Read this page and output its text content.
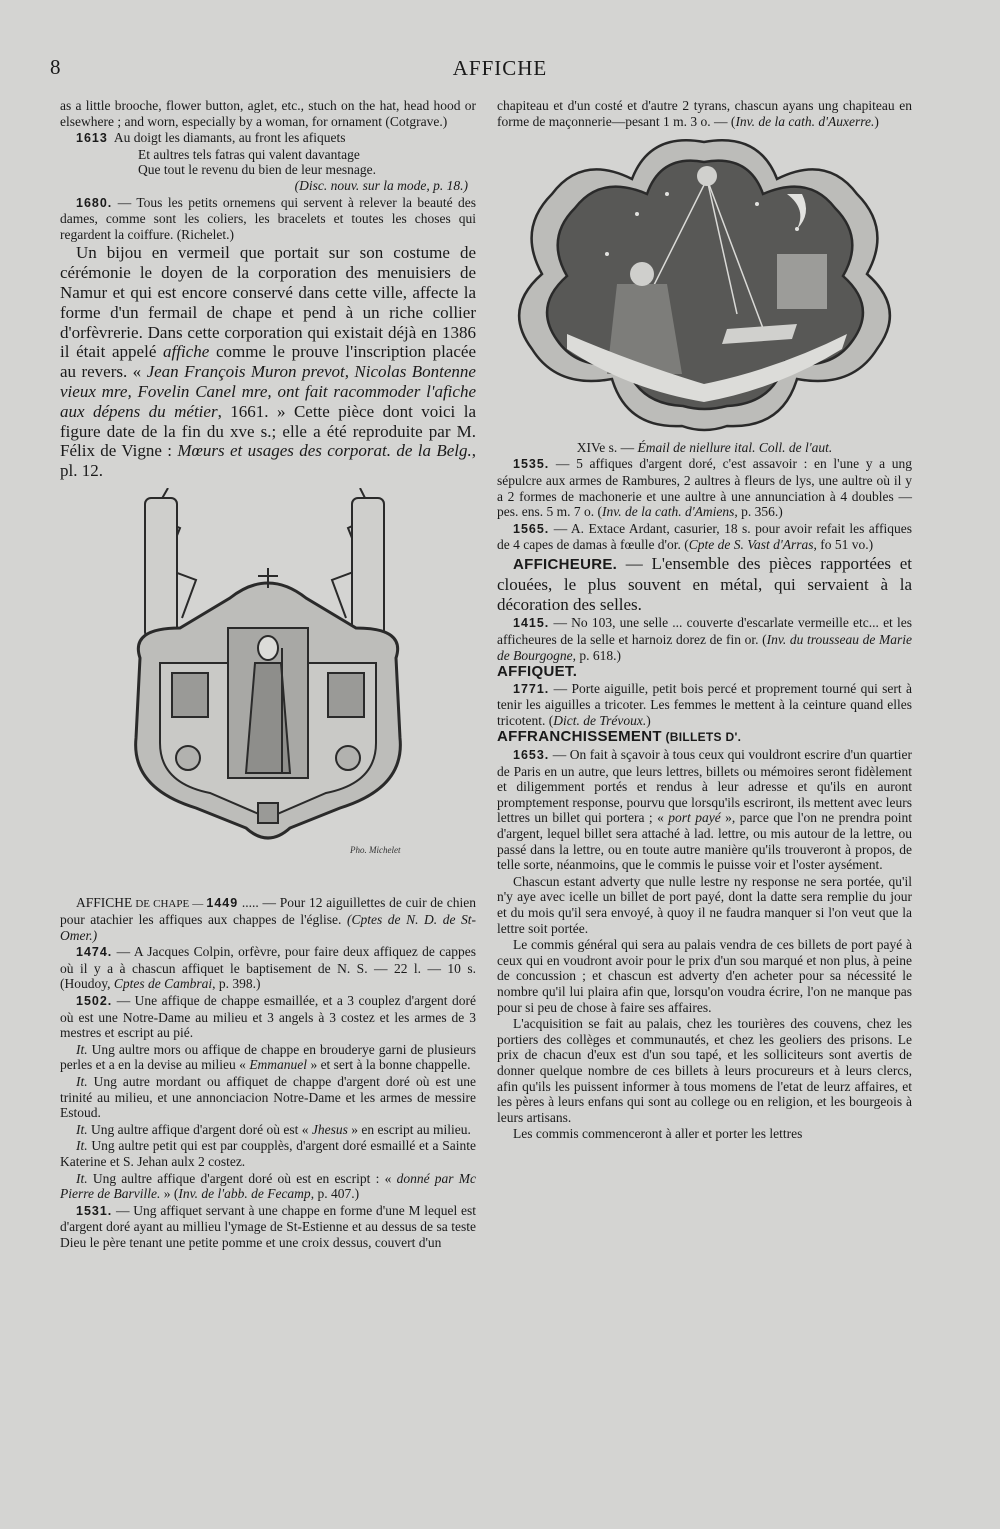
8	AFFICHE

as a little brooche, flower button, aglet, etc., stuch on the hat, head hood or elsewhere ; and worn, especially by a woman, for ornament (Cotgrave.)

1613 Au doigt les diamants, au front les afiquets
Et aultres tels fatras qui valent davantage
Que tout le revenu du bien de leur mesnage.
(Disc. nouv. sur la mode, p. 18.)

1680. — Tous les petits ornemens qui servent à relever la beauté des dames, comme sont les coliers, les bracelets et toutes les choses qui regardent la coiffure. (Richelet.)

Un bijou en vermeil que portait sur son costume de cérémonie le doyen de la corporation des menuisiers de Namur et qui est encore conservé dans cette ville, affecte la forme d'un fermail de chape et pend à un riche collier d'orfèvrerie. Dans cette corporation qui existait déjà en 1386 il était appelé affiche comme le prouve l'inscription placée au revers. « Jean François Muron prevot, Nicolas Bontenne vieux mre, Fovelin Canel mre, ont fait racommoder l'afiche aux dépens du métier, 1661. » Cette pièce dont voici la figure date de la fin du xve s.; elle a été reproduite par M. Félix de Vigne : Mœurs et usages des corporat. de la Belg., pl. 12.

Pho. Michelet

AFFICHE DE CHAPE — 1449 ..... — Pour 12 aiguillettes de cuir de chien pour atachier les affiques aux chappes de l'église. (Cptes de N. D. de St-Omer.)

1474. — A Jacques Colpin, orfèvre, pour faire deux affiquez de cappes où il y a à chascun affiquet le baptisement de N. S. — 22 l. — 10 s. (Houdoy, Cptes de Cambrai, p. 398.)

1502. — Une affique de chappe esmaillée, et a 3 couplez d'argent doré où est une Notre-Dame au milieu et 3 angels à 3 costez et les armes de 3 mestres et escript au pié.

It. Ung aultre mors ou affique de chappe en brouderye garni de plusieurs perles et a en la devise au milieu « Emmanuel » et sert à la bonne chappelle.

It. Ung autre mordant ou affiquet de chappe d'argent doré où est une trinité au milieu, et une annonciacion Notre-Dame et les armes de messire Estoud.

It. Ung aultre affique d'argent doré où est « Jhesus » en escript au milieu.

It. Ung aultre petit qui est par coupplès, d'argent doré esmaillé et a Sainte Katerine et S. Jehan aulx 2 costez.

It. Ung aultre affique d'argent doré où est en escript : « donné par Mc Pierre de Barville. » (Inv. de l'abb. de Fecamp, p. 407.)

1531. — Ung affiquet servant à une chappe en forme d'une M lequel est d'argent doré ayant au millieu l'ymage de St-Estienne et au dessus de sa teste Dieu le père tenant une petite pomme et une croix dessus, couvert d'un

chapiteau et d'un costé et d'autre 2 tyrans, chascun ayans ung chapiteau en forme de maçonnerie—pesant 1 m. 3 o. — (Inv. de la cath. d'Auxerre.)

XIVe s. — Émail de niellure ital. Coll. de l'aut.

1535. — 5 affiques d'argent doré, c'est assavoir : en l'une y a ung sépulcre aux armes de Rambures, 2 aultres à fleurs de lys, une aultre où il y a 2 formes de machonerie et une aultre à une annunciation à 4 doubles — pes. ens. 5 m. 7 o. (Inv. de la cath. d'Amiens, p. 356.)

1565. — A. Extace Ardant, casurier, 18 s. pour avoir refait les affiques de 4 capes de damas à fœulle d'or. (Cpte de S. Vast d'Arras, fo 51 vo.)

AFFICHEURE. — L'ensemble des pièces rapportées et clouées, le plus souvent en métal, qui servaient à la décoration des selles.

1415. — No 103, une selle ... couverte d'escarlate vermeille etc... et les afficheures de la selle et harnoiz dorez de fin or. (Inv. du trousseau de Marie de Bourgogne, p. 618.)

AFFIQUET.

1771. — Porte aiguille, petit bois percé et proprement tourné qui sert à tenir les aiguilles a tricoter. Les femmes le mettent à la ceinture quand elles tricotent. (Dict. de Trévoux.)

AFFRANCHISSEMENT (BILLETS D'.

1653. — On fait à sçavoir à tous ceux qui vouldront escrire d'un quartier de Paris en un autre, que leurs lettres, billets ou mémoires seront fidèlement et diligemment portés et rendus à leur adresse et qu'ils en auront promptement response, pourvu que lorsqu'ils escriront, ils mettent avec leurs lettres un billet qui portera ; « port payé », parce que l'on ne prendra point d'argent, lequel billet sera attaché à lad. lettre, ou mis autour de la lettre, ou passé dans la lettre, ou en toute autre manière qu'ils trouveront à propos, de telle sorte, néanmoins, que le commis le puisse voir et l'oster aysément.

Chascun estant adverty que nulle lestre ny response ne sera portée, qu'il n'y aye avec icelle un billet de port payé, dont la datte sera remplie du jour et du mois qu'il sera envoyé, à quoy il ne faudra manquer si l'on veut que la lettre soit portée.

Le commis général qui sera au palais vendra de ces billets de port payé à ceux qui en voudront avoir pour le prix d'un sou marqué et non plus, à peine de concussion ; et chascun est adverty d'en acheter pour sa nécessité le nombre qu'il lui plaira afin que, lorsqu'on voudra écrire, l'on ne manque pas pour si peu de chose à faire ses affaires.

L'acquisition se fait au palais, chez les tourières des couvens, chez les portiers des collèges et communautés, et chez les geoliers des prisons. Le prix de chacun d'eux est d'un sou tapé, et les solliciteurs sont avertis de donner quelque nombre de ces billets à leurs procureurs et à leurs clercs, afin qu'ils les puissent informer à tous momens de l'etat de leurz affaires, et les pères à leurs enfans qui sont au college ou en religion, et les bourgeois à leurs artisans.

Les commis commenceront à aller et porter les lettres
